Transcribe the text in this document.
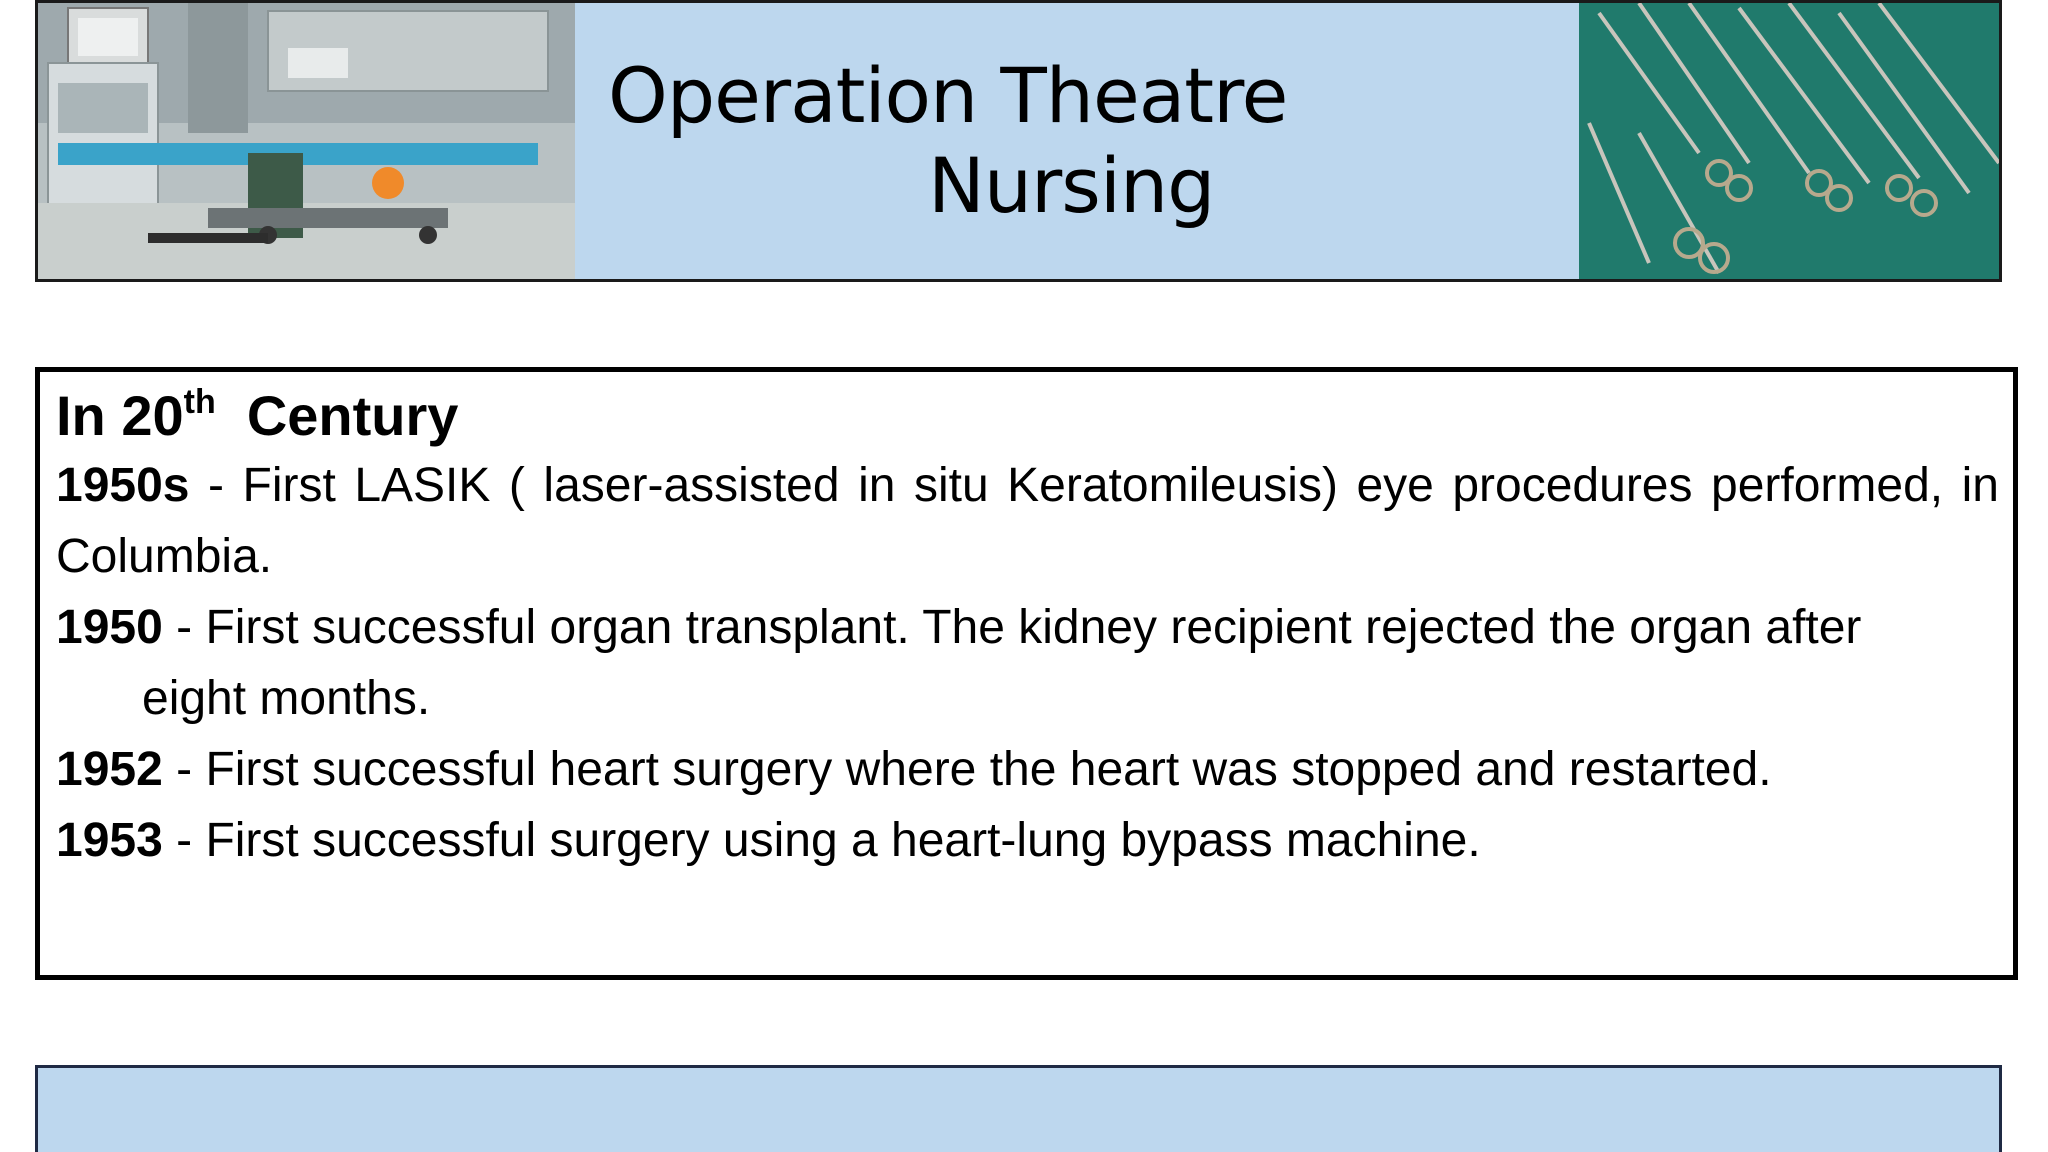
Operation Theatre
Nursing

In 20th Century

1950s - First LASIK ( laser-assisted in situ Keratomileusis) eye procedures performed, in Columbia.

1950 - First successful organ transplant. The kidney recipient rejected the organ after
eight months.

1952 - First successful heart surgery where the heart was stopped and restarted.

1953 - First successful surgery using a heart-lung bypass machine.
